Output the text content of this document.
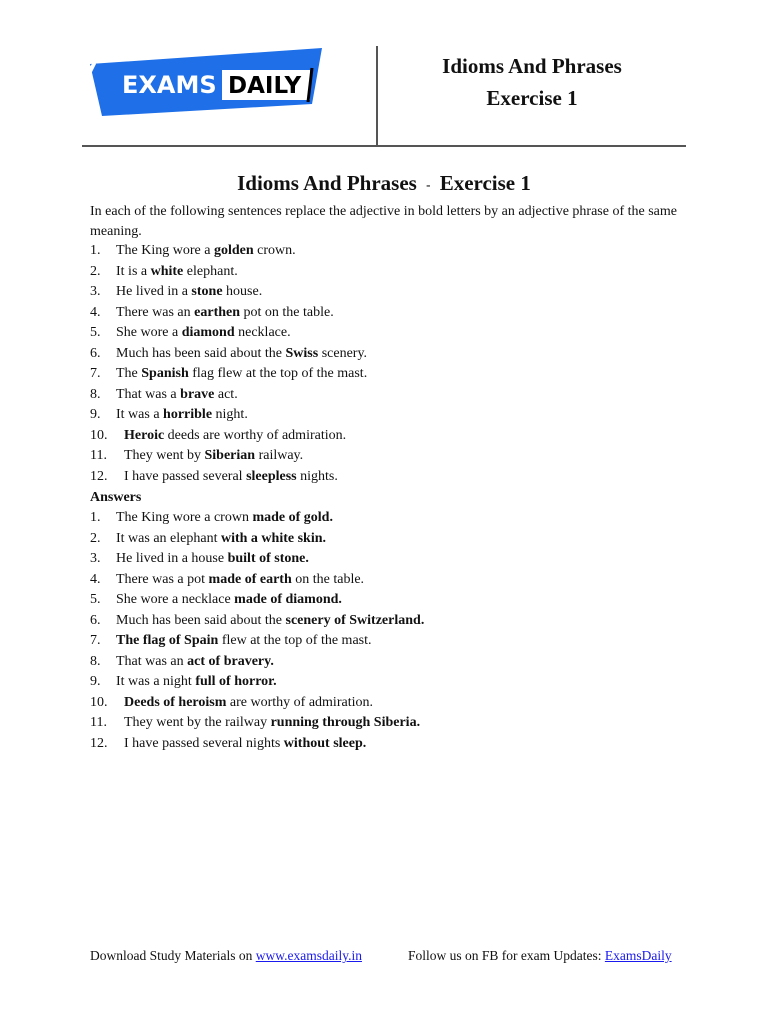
EXAMS DAILY
Idioms And Phrases
Exercise 1
Idioms And Phrases - Exercise 1
In each of the following sentences replace the adjective in bold letters by an adjective phrase of the same meaning.
1. The King wore a golden crown.
2. It is a white elephant.
3. He lived in a stone house.
4. There was an earthen pot on the table.
5. She wore a diamond necklace.
6. Much has been said about the Swiss scenery.
7. The Spanish flag flew at the top of the mast.
8. That was a brave act.
9. It was a horrible night.
10. Heroic deeds are worthy of admiration.
11. They went by Siberian railway.
12. I have passed several sleepless nights.
Answers
1. The King wore a crown made of gold.
2. It was an elephant with a white skin.
3. He lived in a house built of stone.
4. There was a pot made of earth on the table.
5. She wore a necklace made of diamond.
6. Much has been said about the scenery of Switzerland.
7. The flag of Spain flew at the top of the mast.
8. That was an act of bravery.
9. It was a night full of horror.
10. Deeds of heroism are worthy of admiration.
11. They went by the railway running through Siberia.
12. I have passed several nights without sleep.
Download Study Materials on www.examsdaily.in	Follow us on FB for exam Updates: ExamsDaily
